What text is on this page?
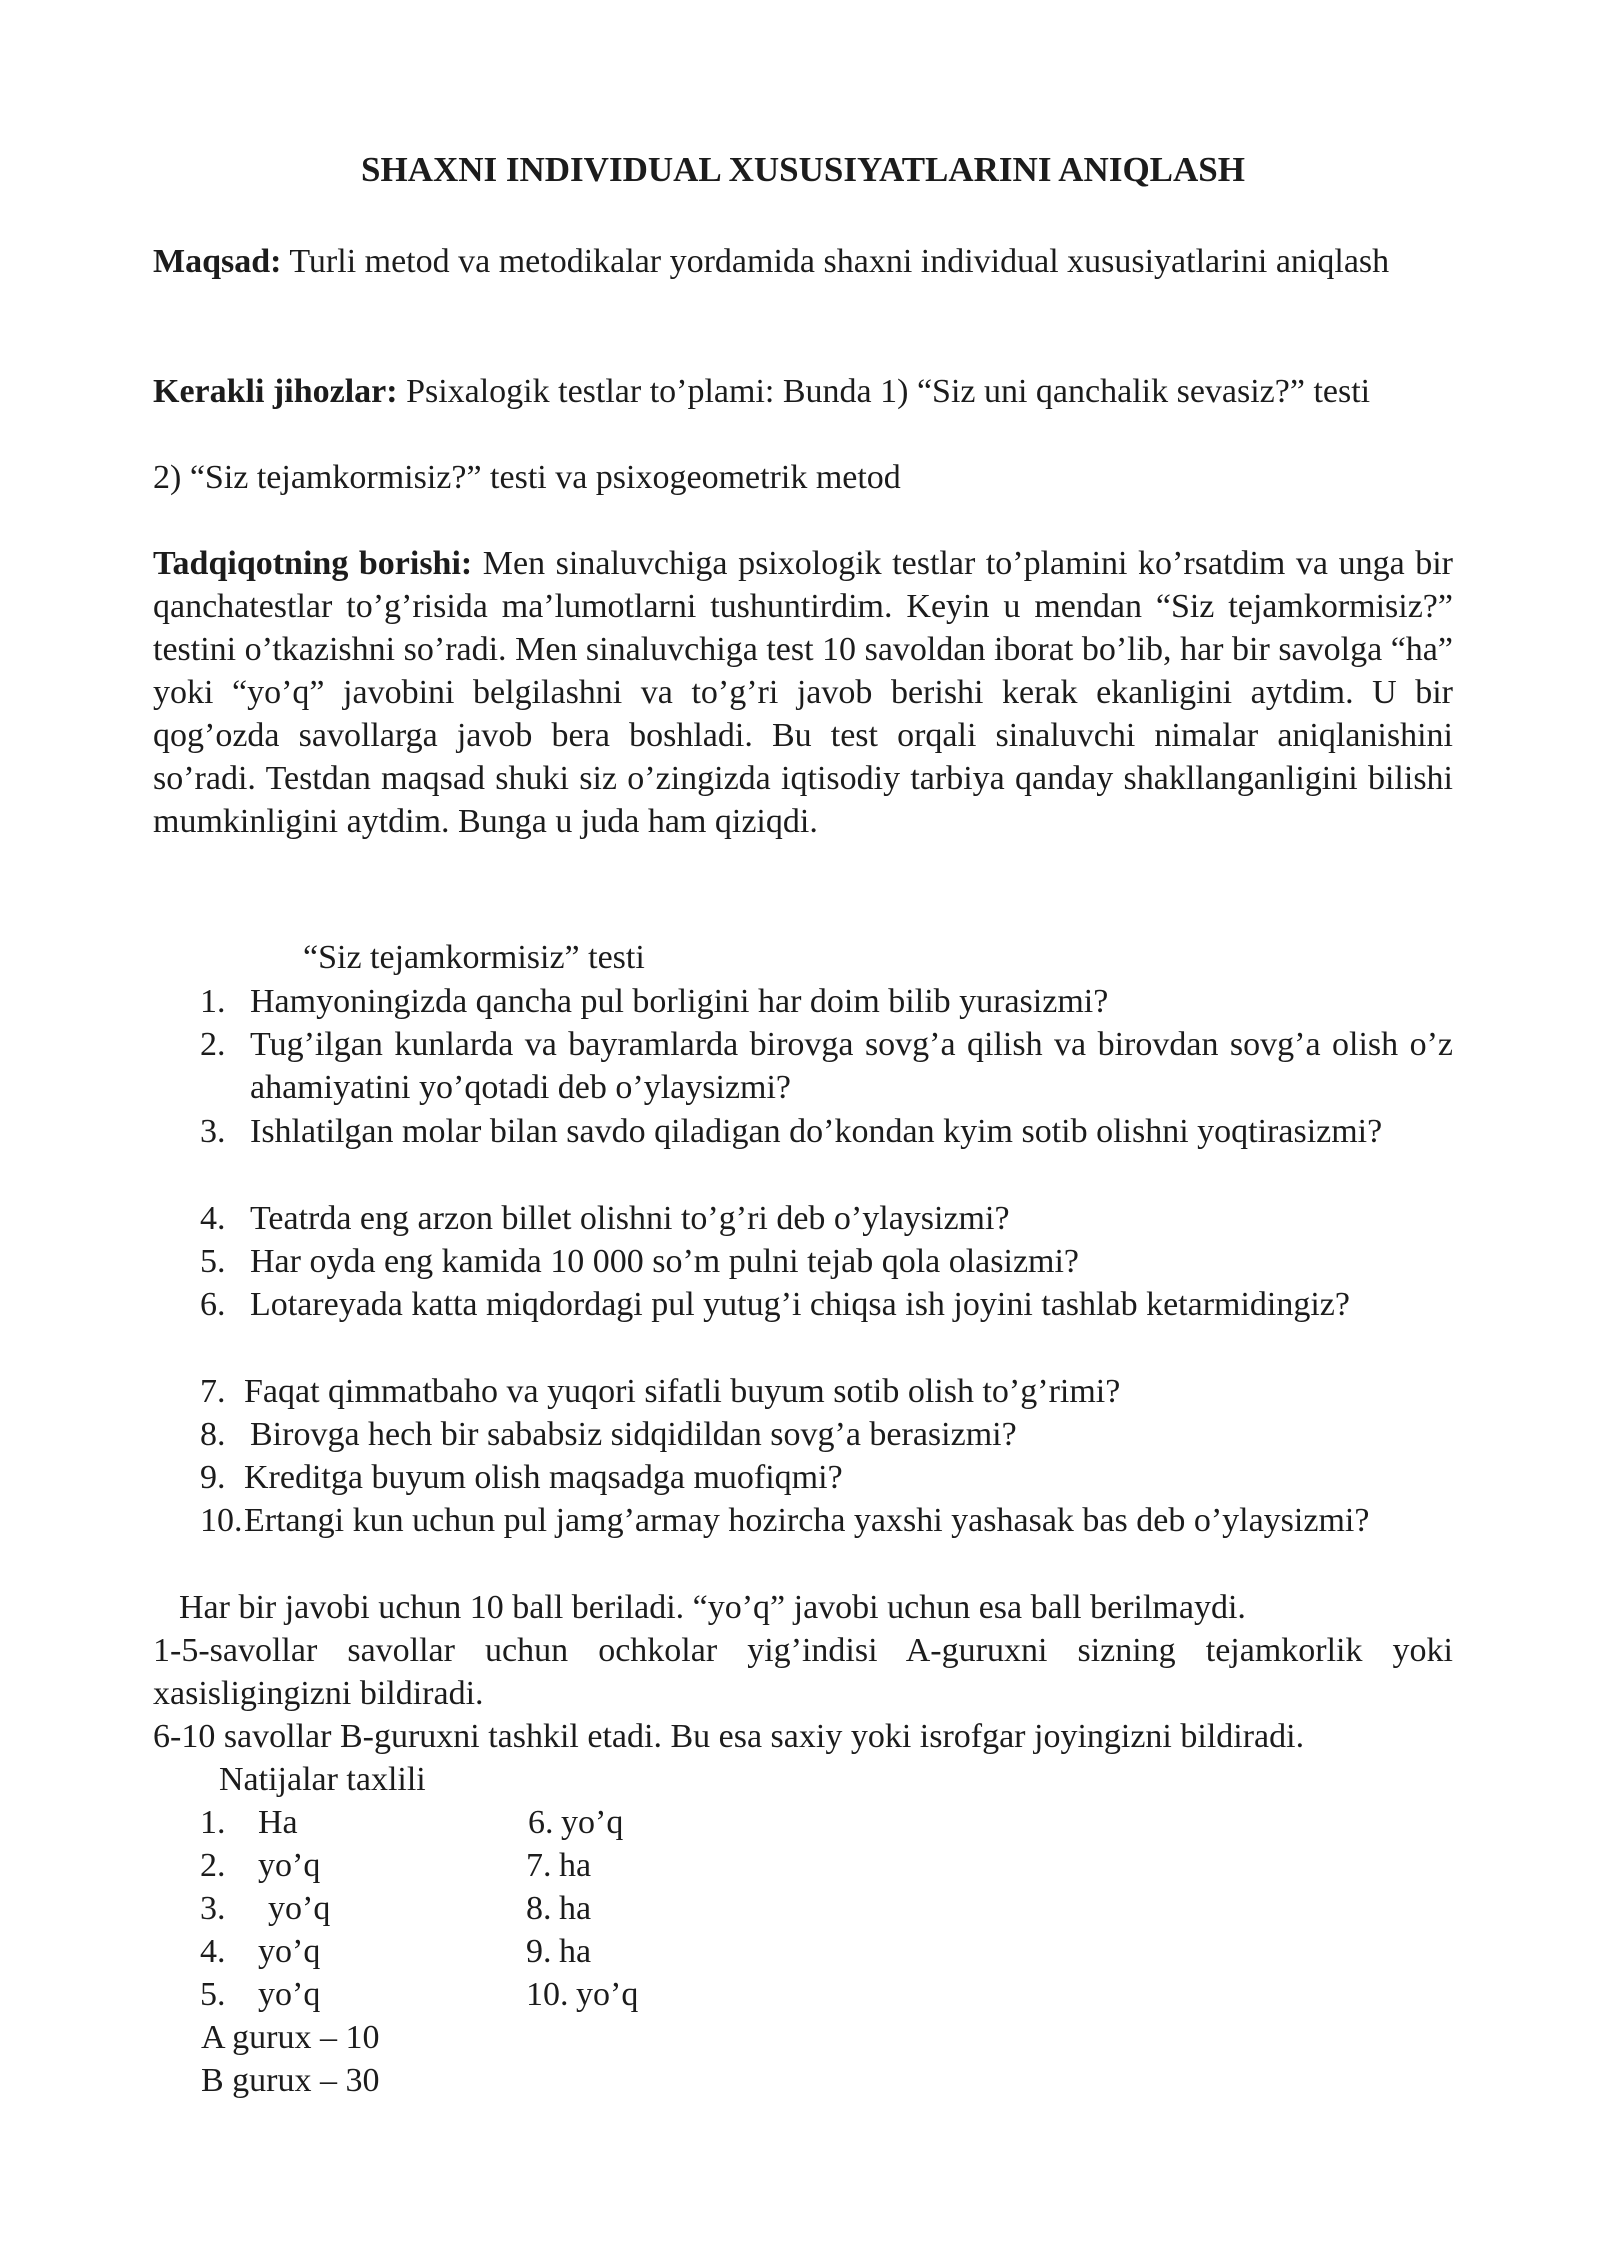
SHAXNI INDIVIDUAL XUSUSIYATLARINI ANIQLASH
Maqsad: Turli metod va metodikalar yordamida shaxni individual xususiyatlarini aniqlash
Kerakli jihozlar: Psixalogik testlar to’plami: Bunda 1) “Siz uni qanchalik sevasiz?” testi
2) “Siz tejamkormisiz?” testi va psixogeometrik metod
Tadqiqotning borishi: Men sinaluvchiga psixologik testlar to’plamini ko’rsatdim va unga bir qanchatestlar to’g’risida ma’lumotlarni tushuntirdim. Keyin u mendan “Siz tejamkormisiz?” testini o’tkazishni so’radi. Men sinaluvchiga test 10 savoldan iborat bo’lib, har bir savolga “ha” yoki “yo’q” javobini belgilashni va to’g’ri javob berishi kerak ekanligini aytdim. U bir qog’ozda savollarga javob bera boshladi. Bu test orqali sinaluvchi nimalar aniqlanishini so’radi. Testdan maqsad shuki siz o’zingizda iqtisodiy tarbiya qanday shakllanganligini bilishi mumkinligini aytdim. Bunga u juda ham qiziqdi.
“Siz tejamkormisiz” testi
1. Hamyoningizda qancha pul borligini har doim bilib yurasizmi?
2. Tug’ilgan kunlarda va bayramlarda birovga sovg’a qilish va birovdan sovg’a olish o’z ahamiyatini yo’qotadi deb o’ylaysizmi?
3. Ishlatilgan molar bilan savdo qiladigan do’kondan kyim sotib olishni yoqtirasizmi?
4. Teatrda eng arzon billet olishni to’g’ri deb o’ylaysizmi?
5. Har oyda eng kamida 10 000 so’m pulni tejab qola olasizmi?
6. Lotareyada katta miqdordagi pul yutug’i chiqsa ish joyini tashlab ketarmidingiz?
7. Faqat qimmatbaho va yuqori sifatli buyum sotib olish to’g’rimi?
8. Birovga hech bir sababsiz sidqidildan sovg’a berasizmi?
9. Kreditga buyum olish maqsadga muofiqmi?
10. Ertangi kun uchun pul jamg’armay hozircha yaxshi yashasak bas deb o’ylaysizmi?
Har bir javobi uchun 10 ball beriladi. “yo’q” javobi uchun esa ball berilmaydi.
1-5-savollar savollar uchun ochkolar yig’indisi A-guruxni sizning tejamkorlik yoki xasisligingizni bildiradi.
6-10 savollar B-guruxni tashkil etadi. Bu esa saxiy yoki isrofgar joyingizni bildiradi.
Natijalar taxlili
1. Ha
2. yo’q
3. yo’q
4. yo’q
5. yo’q
6. yo’q
7. ha
8. ha
9. ha
10. yo’q
A gurux – 10
B gurux – 30
